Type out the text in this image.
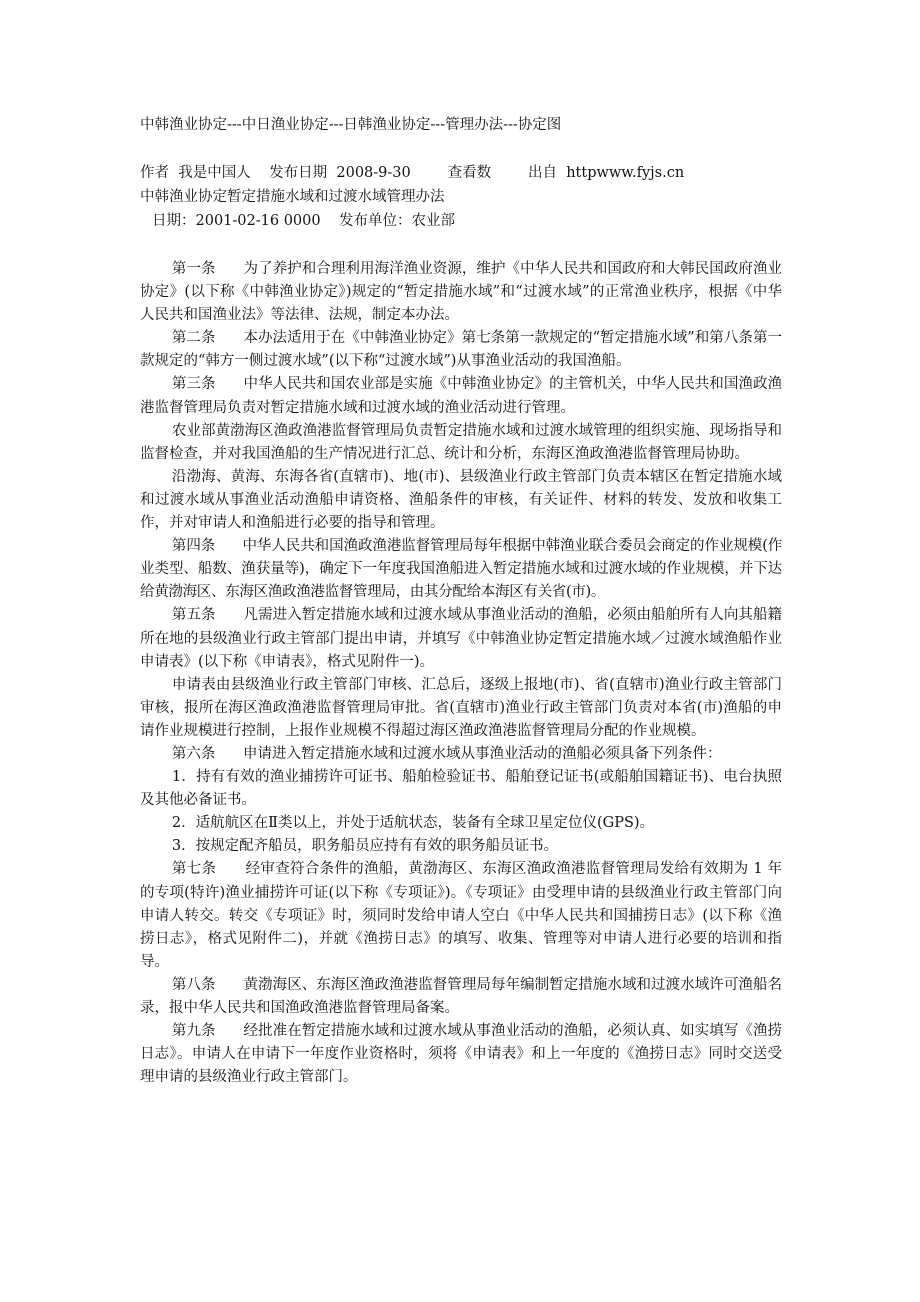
中韩渔业协定---中日渔业协定---日韩渔业协定---管理办法---协定图

作者  我是中国人    发布日期  2008-9-30        查看数        出自  httpwww.fyjs.cn

中韩渔业协定暂定措施水域和过渡水域管理办法

日期：2001-02-16 0000    发布单位：农业部

第一条      为了养护和合理利用海洋渔业资源，维护《中华人民共和国政府和大韩民国政府渔业协定》(以下称《中韩渔业协定》)规定的“暂定措施水域”和“过渡水域”的正常渔业秩序，根据《中华人民共和国渔业法》等法律、法规，制定本办法。

第二条      本办法适用于在《中韩渔业协定》第七条第一款规定的“暂定措施水域”和第八条第一款规定的“韩方一侧过渡水域”(以下称“过渡水域”)从事渔业活动的我国渔船。

第三条      中华人民共和国农业部是实施《中韩渔业协定》的主管机关，中华人民共和国渔政渔港监督管理局负责对暂定措施水域和过渡水域的渔业活动进行管理。

农业部黄渤海区渔政渔港监督管理局负责暂定措施水域和过渡水域管理的组织实施、现场指导和监督检查，并对我国渔船的生产情况进行汇总、统计和分析，东海区渔政渔港监督管理局协助。

沿渤海、黄海、东海各省(直辖市)、地(市)、县级渔业行政主管部门负责本辖区在暂定措施水域和过渡水域从事渔业活动渔船申请资格、渔船条件的审核，有关证件、材料的转发、发放和收集工作，并对审请人和渔船进行必要的指导和管理。

第四条      中华人民共和国渔政渔港监督管理局每年根据中韩渔业联合委员会商定的作业规模(作业类型、船数、渔获量等)，确定下一年度我国渔船进入暂定措施水域和过渡水域的作业规模，并下达给黄渤海区、东海区渔政渔港监督管理局，由其分配给本海区有关省(市)。

第五条      凡需进入暂定措施水域和过渡水域从事渔业活动的渔船，必须由船舶所有人向其船籍所在地的县级渔业行政主管部门提出申请，并填写《中韩渔业协定暂定措施水域／过渡水域渔船作业申请表》(以下称《申请表》，格式见附件一)。

申请表由县级渔业行政主管部门审核、汇总后，逐级上报地(市)、省(直辖市)渔业行政主管部门审核，报所在海区渔政渔港监督管理局审批。省(直辖市)渔业行政主管部门负责对本省(市)渔船的申请作业规模进行控制，上报作业规模不得超过海区渔政渔港监督管理局分配的作业规模。

第六条      申请进入暂定措施水域和过渡水域从事渔业活动的渔船必须具备下列条件：

1．持有有效的渔业捕捞许可证书、船舶检验证书、船舶登记证书(或船舶国籍证书)、电台执照及其他必备证书。

2．适航航区在Ⅱ类以上，并处于适航状态，装备有全球卫星定位仪(GPS)。

3．按规定配齐船员，职务船员应持有有效的职务船员证书。

第七条      经审查符合条件的渔船，黄渤海区、东海区渔政渔港监督管理局发给有效期为 1 年的专项(特许)渔业捕捞许可证(以下称《专项证》)。《专项证》由受理申请的县级渔业行政主管部门向申请人转交。转交《专项证》时，须同时发给申请人空白《中华人民共和国捕捞日志》(以下称《渔捞日志》，格式见附件二)，并就《渔捞日志》的填写、收集、管理等对申请人进行必要的培训和指导。

第八条      黄渤海区、东海区渔政渔港监督管理局每年编制暂定措施水域和过渡水域许可渔船名录，报中华人民共和国渔政渔港监督管理局备案。

第九条      经批准在暂定措施水域和过渡水域从事渔业活动的渔船，必须认真、如实填写《渔捞日志》。申请人在申请下一年度作业资格时，须将《申请表》和上一年度的《渔捞日志》同时交送受理申请的县级渔业行政主管部门。
